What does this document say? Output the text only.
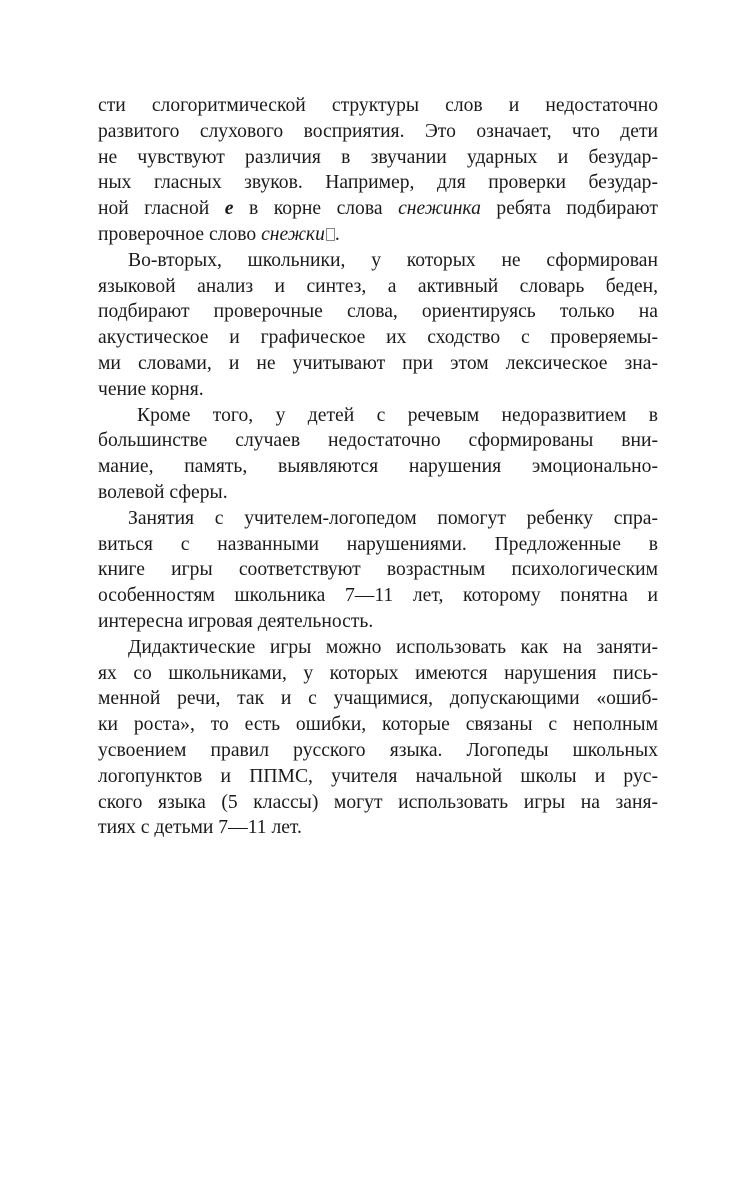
сти слогоритмической структуры слов и недостаточно
развитого слухового восприятия. Это означает, что дети
не чувствуют различия в звучании ударных и безудар-
ных гласных звуков. Например, для проверки безудар-
ной гласной е в корне слова снежинка ребята подбирают
проверочное слово снежки .
Во-вторых, школьники, у которых не сформирован
языковой анализ и синтез, а активный словарь беден,
подбирают проверочные слова, ориентируясь только на
акустическое и графическое их сходство с проверяемы-
ми словами, и не учитывают при этом лексическое зна-
чение корня.
Кроме того, у детей с речевым недоразвитием в
большинстве случаев недостаточно сформированы вни-
мание, память, выявляются нарушения эмоционально-
волевой сферы.
Занятия с учителем-логопедом помогут ребенку спра-
виться с названными нарушениями. Предложенные в
книге игры соответствуют возрастным психологическим
особенностям школьника 7—11 лет, которому понятна и
интересна игровая деятельность.
Дидактические игры можно использовать как на заняти-
ях со школьниками, у которых имеются нарушения пись-
менной речи, так и с учащимися, допускающими «ошиб-
ки роста», то есть ошибки, которые связаны с неполным
усвоением правил русского языка. Логопеды школьных
логопунктов и ППМС, учителя начальной школы и рус-
ского языка (5 классы) могут использовать игры на заня-
тиях с детьми 7—11 лет.
